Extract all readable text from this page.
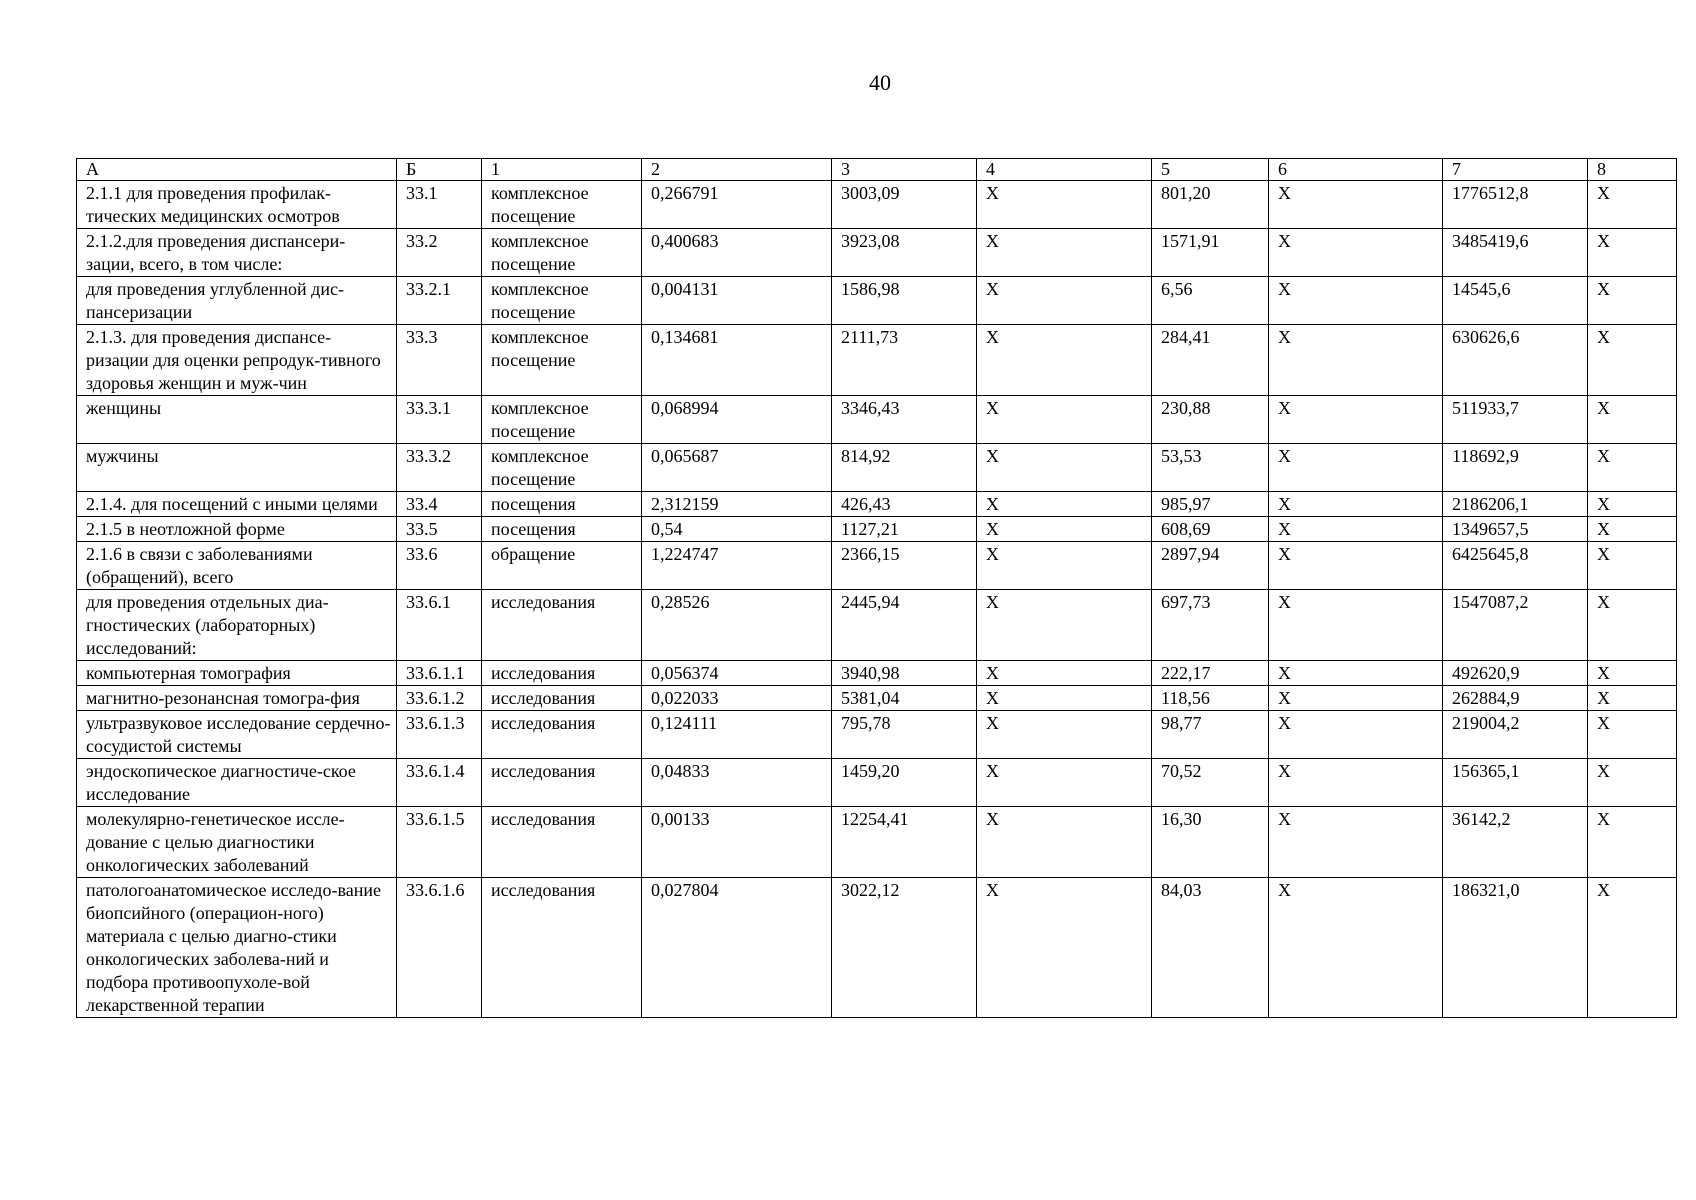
40
А	Б	1	2	3	4	5	6	7	8
2.1.1 для проведения профилак-тических медицинских осмотров	33.1	комплексное посещение	0,266791	3003,09	X	801,20	X	1776512,8	X
2.1.2.для проведения диспансери-зации, всего, в том числе:	33.2	комплексное посещение	0,400683	3923,08	X	1571,91	X	3485419,6	X
для проведения углубленной дис-пансеризации	33.2.1	комплексное посещение	0,004131	1586,98	X	6,56	X	14545,6	X
2.1.3. для проведения диспансе-ризации для оценки репродук-тивного здоровья женщин и муж-чин	33.3	комплексное посещение	0,134681	2111,73	X	284,41	X	630626,6	X
женщины	33.3.1	комплексное посещение	0,068994	3346,43	X	230,88	X	511933,7	X
мужчины	33.3.2	комплексное посещение	0,065687	814,92	X	53,53	X	118692,9	X
2.1.4. для посещений с иными целями	33.4	посещения	2,312159	426,43	X	985,97	X	2186206,1	X
2.1.5 в неотложной форме	33.5	посещения	0,54	1127,21	X	608,69	X	1349657,5	X
2.1.6 в связи с заболеваниями (обращений), всего	33.6	обращение	1,224747	2366,15	X	2897,94	X	6425645,8	X
для проведения отдельных диа-гностических (лабораторных) исследований:	33.6.1	исследования	0,28526	2445,94	X	697,73	X	1547087,2	X
компьютерная томография	33.6.1.1	исследования	0,056374	3940,98	X	222,17	X	492620,9	X
магнитно-резонансная томогра-фия	33.6.1.2	исследования	0,022033	5381,04	X	118,56	X	262884,9	X
ультразвуковое исследование сердечно-сосудистой системы	33.6.1.3	исследования	0,124111	795,78	X	98,77	X	219004,2	X
эндоскопическое диагностиче-ское исследование	33.6.1.4	исследования	0,04833	1459,20	X	70,52	X	156365,1	X
молекулярно-генетическое иссле-дование с целью диагностики онкологических заболеваний	33.6.1.5	исследования	0,00133	12254,41	X	16,30	X	36142,2	X
патологоанатомическое исследо-вание биопсийного (операцион-ного) материала с целью диагно-стики онкологических заболева-ний и подбора противоопухоле-вой лекарственной терапии	33.6.1.6	исследования	0,027804	3022,12	X	84,03	X	186321,0	X
